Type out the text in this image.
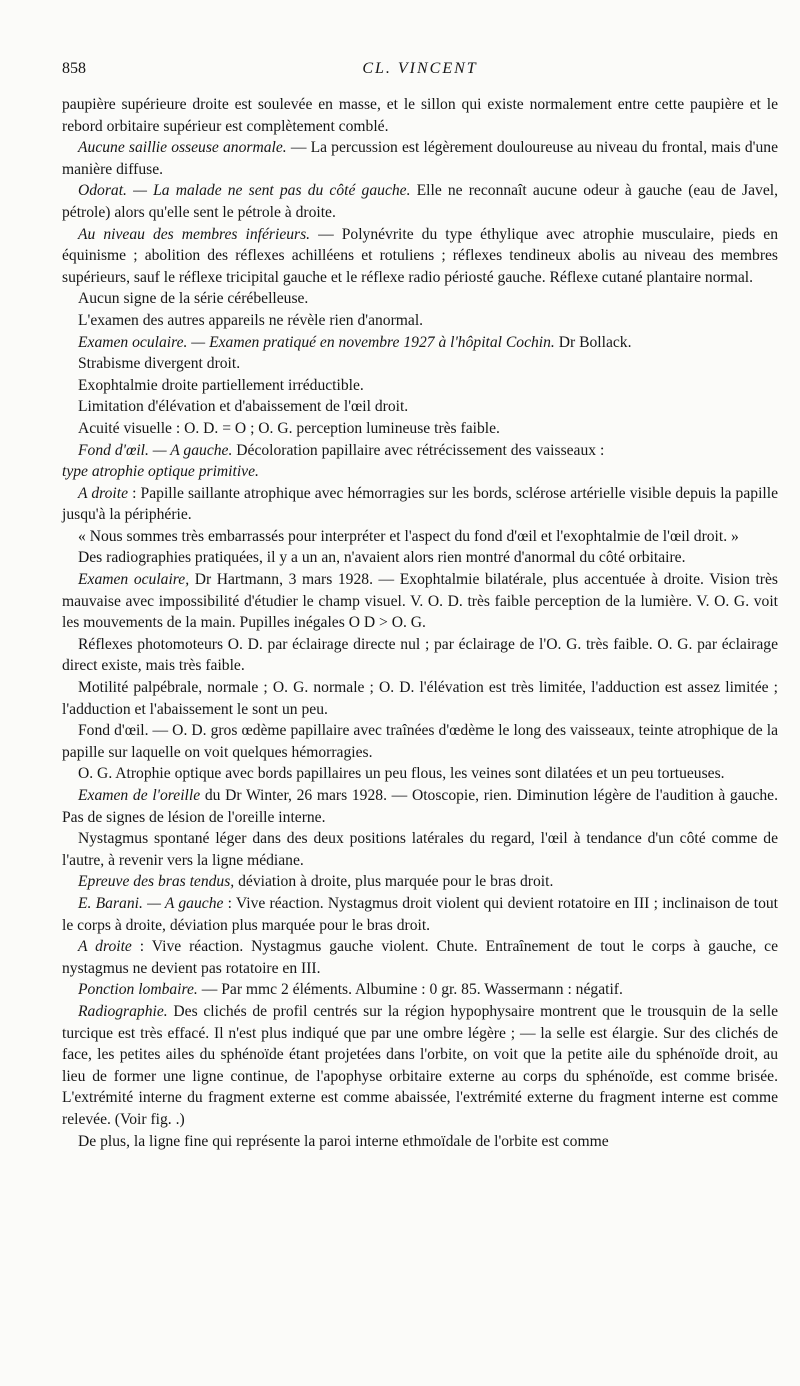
858	CL. VINCENT

paupière supérieure droite est soulevée en masse, et le sillon qui existe normalement entre cette paupière et le rebord orbitaire supérieur est complètement comblé.

Aucune saillie osseuse anormale. — La percussion est légèrement douloureuse au niveau du frontal, mais d'une manière diffuse.

Odorat. — La malade ne sent pas du côté gauche. Elle ne reconnaît aucune odeur à gauche (eau de Javel, pétrole) alors qu'elle sent le pétrole à droite.

Au niveau des membres inférieurs. — Polynévrite du type éthylique avec atrophie musculaire, pieds en équinisme ; abolition des réflexes achilléens et rotuliens ; réflexes tendineux abolis au niveau des membres supérieurs, sauf le réflexe tricipital gauche et le réflexe radio périosté gauche. Réflexe cutané plantaire normal.

Aucun signe de la série cérébelleuse.

L'examen des autres appareils ne révèle rien d'anormal.

Examen oculaire. — Examen pratiqué en novembre 1927 à l'hôpital Cochin. Dr Bollack.

Strabisme divergent droit.

Exophtalmie droite partiellement irréductible.

Limitation d'élévation et d'abaissement de l'œil droit.

Acuité visuelle : O. D. = O ; O. G. perception lumineuse très faible.

Fond d'œil. — A gauche. Décoloration papillaire avec rétrécissement des vaisseaux :

type atrophie optique primitive.

A droite : Papille saillante atrophique avec hémorragies sur les bords, sclérose artérielle visible depuis la papille jusqu'à la périphérie.

« Nous sommes très embarrassés pour interpréter et l'aspect du fond d'œil et l'exophtalmie de l'œil droit. »

Des radiographies pratiquées, il y a un an, n'avaient alors rien montré d'anormal du côté orbitaire.

Examen oculaire, Dr Hartmann, 3 mars 1928. — Exophtalmie bilatérale, plus accentuée à droite. Vision très mauvaise avec impossibilité d'étudier le champ visuel. V. O. D. très faible perception de la lumière. V. O. G. voit les mouvements de la main. Pupilles inégales O D > O. G.

Réflexes photomoteurs O. D. par éclairage directe nul ; par éclairage de l'O. G. très faible. O. G. par éclairage direct existe, mais très faible.

Motilité palpébrale, normale ; O. G. normale ; O. D. l'élévation est très limitée, l'adduction est assez limitée ; l'adduction et l'abaissement le sont un peu.

Fond d'œil. — O. D. gros œdème papillaire avec traînées d'œdème le long des vaisseaux, teinte atrophique de la papille sur laquelle on voit quelques hémorragies.

O. G. Atrophie optique avec bords papillaires un peu flous, les veines sont dilatées et un peu tortueuses.

Examen de l'oreille du Dr Winter, 26 mars 1928. — Otoscopie, rien. Diminution légère de l'audition à gauche. Pas de signes de lésion de l'oreille interne.

Nystagmus spontané léger dans des deux positions latérales du regard, l'œil à tendance d'un côté comme de l'autre, à revenir vers la ligne médiane.

Epreuve des bras tendus, déviation à droite, plus marquée pour le bras droit.

E. Barani. — A gauche : Vive réaction. Nystagmus droit violent qui devient rotatoire en III ; inclinaison de tout le corps à droite, déviation plus marquée pour le bras droit.

A droite : Vive réaction. Nystagmus gauche violent. Chute. Entraînement de tout le corps à gauche, ce nystagmus ne devient pas rotatoire en III.

Ponction lombaire. — Par mmc 2 éléments. Albumine : 0 gr. 85. Wassermann : négatif.

Radiographie. Des clichés de profil centrés sur la région hypophysaire montrent que le trousquin de la selle turcique est très effacé. Il n'est plus indiqué que par une ombre légère ; — la selle est élargie. Sur des clichés de face, les petites ailes du sphénoïde étant projetées dans l'orbite, on voit que la petite aile du sphénoïde droit, au lieu de former une ligne continue, de l'apophyse orbitaire externe au corps du sphénoïde, est comme brisée. L'extrémité interne du fragment externe est comme abaissée, l'extrémité externe du fragment interne est comme relevée. (Voir fig. .)

De plus, la ligne fine qui représente la paroi interne ethmoïdale de l'orbite est comme
